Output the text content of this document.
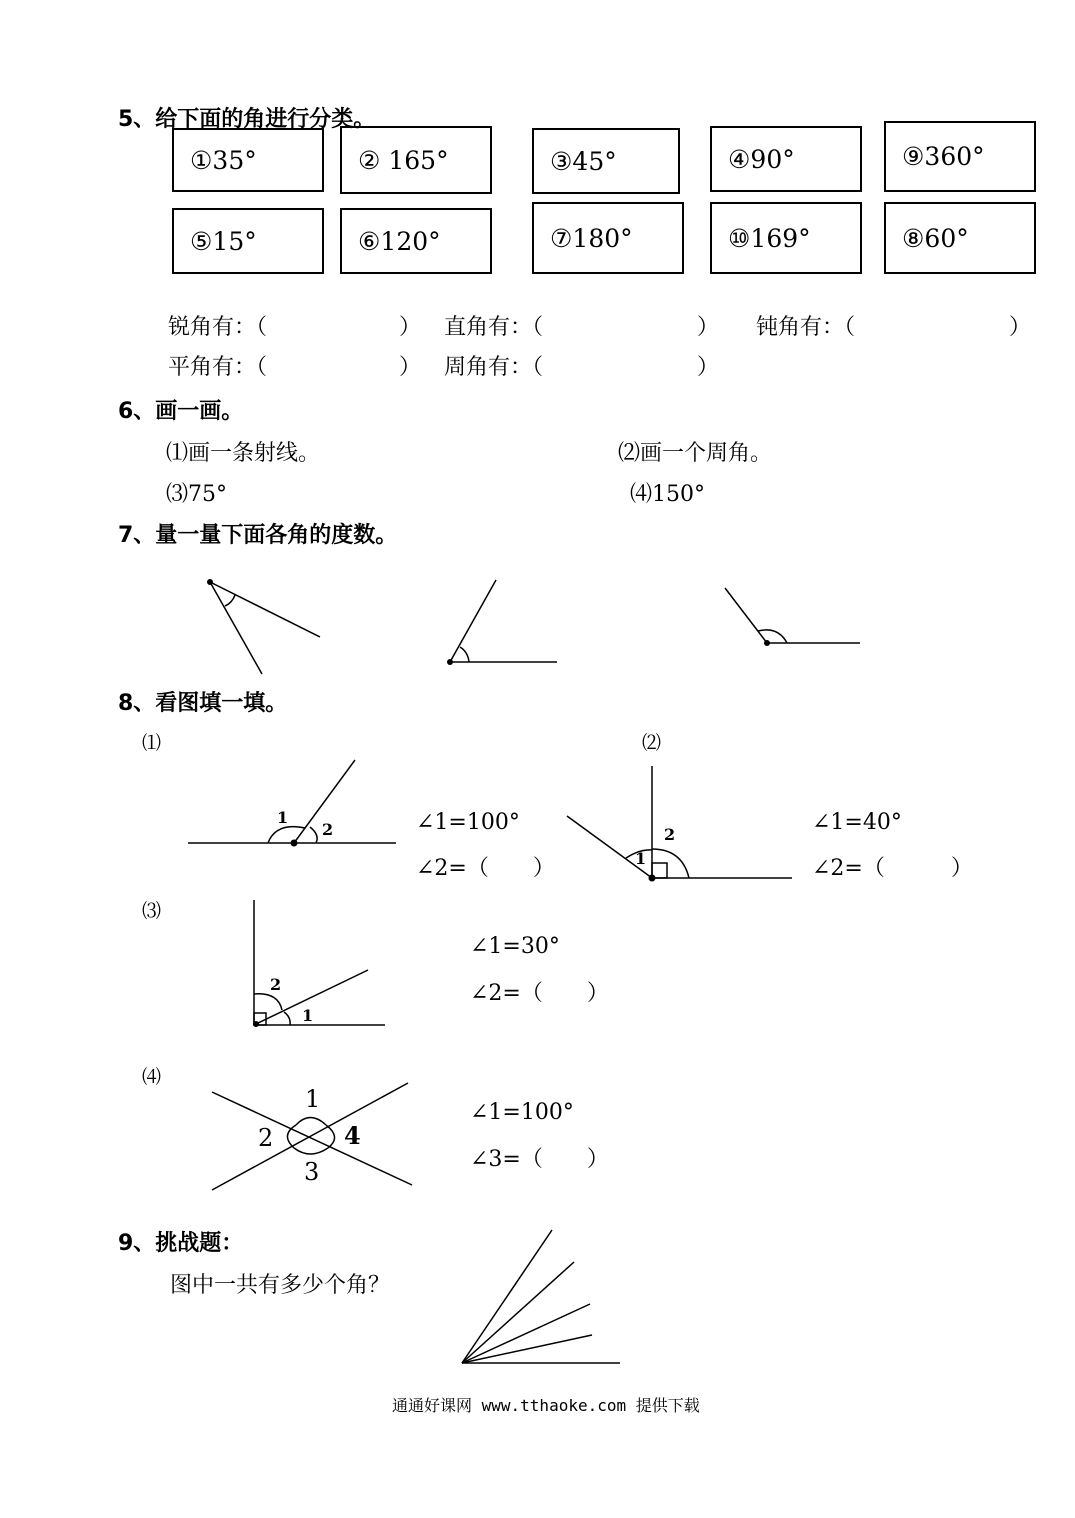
5、给下面的角进行分类。
①35°	② 165°	③45°	④90°	⑨360°
⑤15°	⑥120°	⑦180°	⑩169°	⑧60°
锐角有：（　　　　　　） 直角有：（　　　　　　　） 钝角有：（　　　　　　　）
平角有：（　　　　　　） 周角有：（　　　　　　　）
6、画一画。
⑴画一条射线。	⑵画一个周角。
⑶75°	⑷150°
7、量一量下面各角的度数。
8、看图填一填。
⑴	⑵
⑶
⑷
∠1=100°
∠2=（　　）
∠1=40°
∠2=（　　　）
∠1=30°
∠2=（　　）
∠1=100°
∠3=（　　）
9、挑战题：
图中一共有多少个角？
通通好课网 www.tthaoke.com 提供下载
1
2
1
2
1
2
1
2
3
4
